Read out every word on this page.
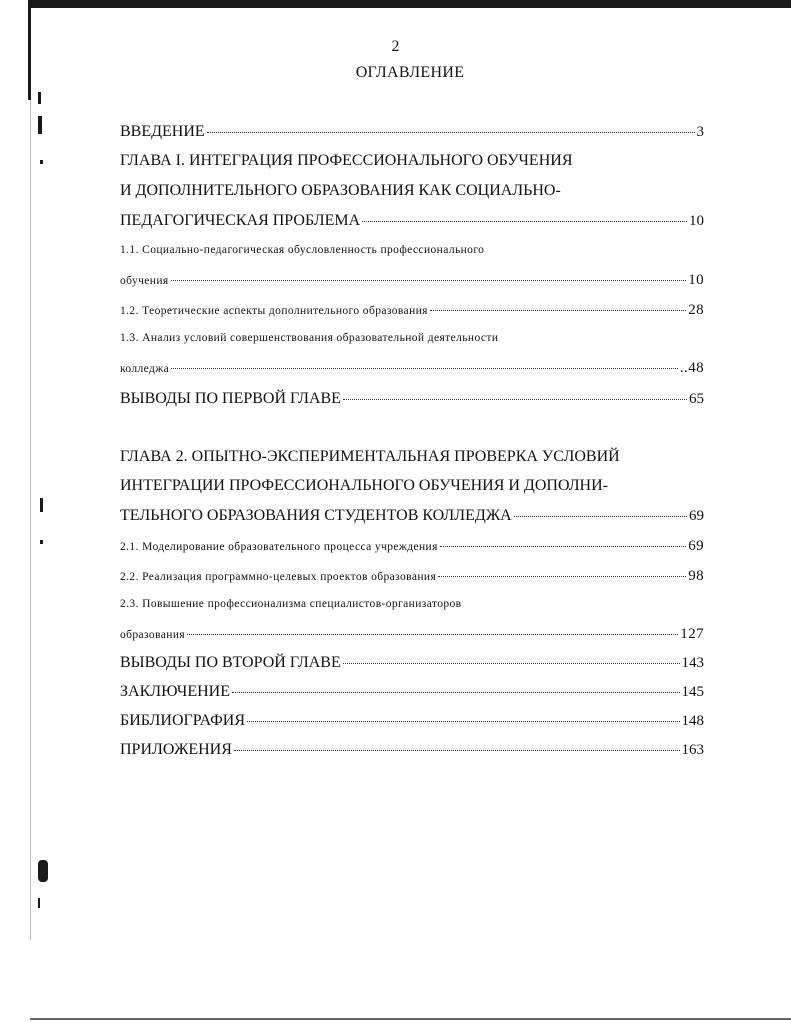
2
ОГЛАВЛЕНИЕ
ВВЕДЕНИЕ	3
ГЛАВА I. ИНТЕГРАЦИЯ ПРОФЕССИОНАЛЬНОГО ОБУЧЕНИЯ
И ДОПОЛНИТЕЛЬНОГО ОБРАЗОВАНИЯ КАК СОЦИАЛЬНО-
ПЕДАГОГИЧЕСКАЯ ПРОБЛЕМА	10
1.1. Социально-педагогическая обусловленность профессионального
обучения	10
1.2. Теоретические аспекты дополнительного образования	28
1.3. Анализ условий совершенствования образовательной деятельности
колледжа	..48
ВЫВОДЫ ПО ПЕРВОЙ ГЛАВЕ	65
ГЛАВА 2. ОПЫТНО-ЭКСПЕРИМЕНТАЛЬНАЯ ПРОВЕРКА УСЛОВИЙ
ИНТЕГРАЦИИ ПРОФЕССИОНАЛЬНОГО ОБУЧЕНИЯ И ДОПОЛНИ-
ТЕЛЬНОГО ОБРАЗОВАНИЯ СТУДЕНТОВ КОЛЛЕДЖА	69
2.1. Моделирование образовательного процесса учреждения	69
2.2. Реализация программно-целевых проектов образования	98
2.3. Повышение профессионализма специалистов-организаторов
образования	127
ВЫВОДЫ ПО ВТОРОЙ ГЛАВЕ	143
ЗАКЛЮЧЕНИЕ	145
БИБЛИОГРАФИЯ	148
ПРИЛОЖЕНИЯ	163
